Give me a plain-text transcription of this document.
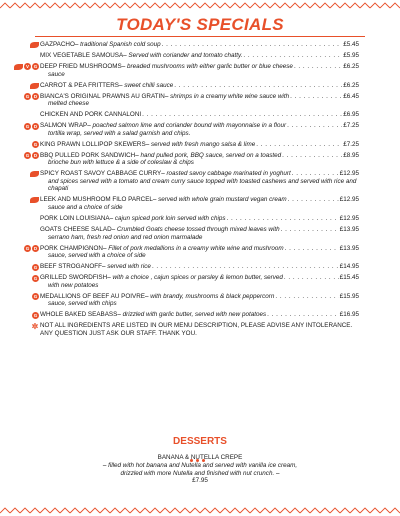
TODAY'S SPECIALS
GAZPACHO – traditional Spanish cold soup . . .	£5.45
MIX VEGETABLE SAMOUSA – Served with coriander and tomato chatty. . . .	£5.95
V	G DEEP FRIED MUSHROOMS – breaded mushrooms with either garlic butter or blue cheese . . .	£6.25
sauce
CARROT & PEA FRITTERS – sweet chilli sauce . . .	£6.25
G	D BIANCA'S ORIGINAL PRAWNS AU GRATIN – shrimps in a creamy white wine sauce with . . .	£6.45
melted cheese
CHICKEN AND PORK CANNALONI . . .	£6.95
G	D SALMON WRAP – poached salmon lime and coriander bound with mayonnaise in a flour . . .	£7.25
tortilla wrap, served with a salad garnish and chips.
G KING PRAWN LOLLIPOP SKEWERS – served with fresh mango salsa & lime . . .	£7.25
G	D BBQ PULLED PORK SANDWICH – hand pulled pork, BBQ sauce, served on a toasted . . .	£8.95
brioche bun with lettuce & a side of coleslaw & chips
SPICY ROAST SAVOY CABBAGE CURRY – roasted savoy cabbage marinated in yoghurt . . .	£12.95
and spices served with a tomato and cream curry sauce topped with toasted cashews and served with rice and chapati
LEEK AND MUSHROOM FILO PARCEL – served with whole grain mustard vegan cream . . .	£12.95
sauce and a choice of side
PORK LOIN LOUISIANA – cajun spiced pork loin served with chips . . .	£12.95
GOATS CHEESE SALAD – Crumbled Goats cheese tossed through mixed leaves with . . .	£13.95
serrano ham, fresh red onion and red onion marmalade
G	D PORK CHAMPIGNON – Fillet of pork medallions in a creamy white wine and mushroom . . .	£13.95
sauce, served with a choice of side
G BEEF STROGANOFF – served with rice . . .	£14.95
G GRILLED SWORDFISH – with a choice , cajun spices or parsley & lemon butter, served . . .	£15.45
with new potatoes
G MEDALLIONS OF BEEF AU POIVRE – with brandy, mushrooms & black peppercorn . . .	£15.95
sauce, served with chips
G WHOLE BAKED SEABASS – drizzled with garlic butter, served with new potatoes . . .	£16.95
✲ NOT ALL INGREDIENTS ARE LISTED IN OUR MENU DESCRIPTION, PLEASE ADVISE ANY INTOLERANCE. ANY QUESTION JUST ASK OUR STAFF. THANK YOU.
DESSERTS
BANANA & NUTELLA CREPE
– filled with hot banana and Nutella and served with vanilla ice cream, drizzled with more Nutella and finished with nut crunch. –
£7.95
